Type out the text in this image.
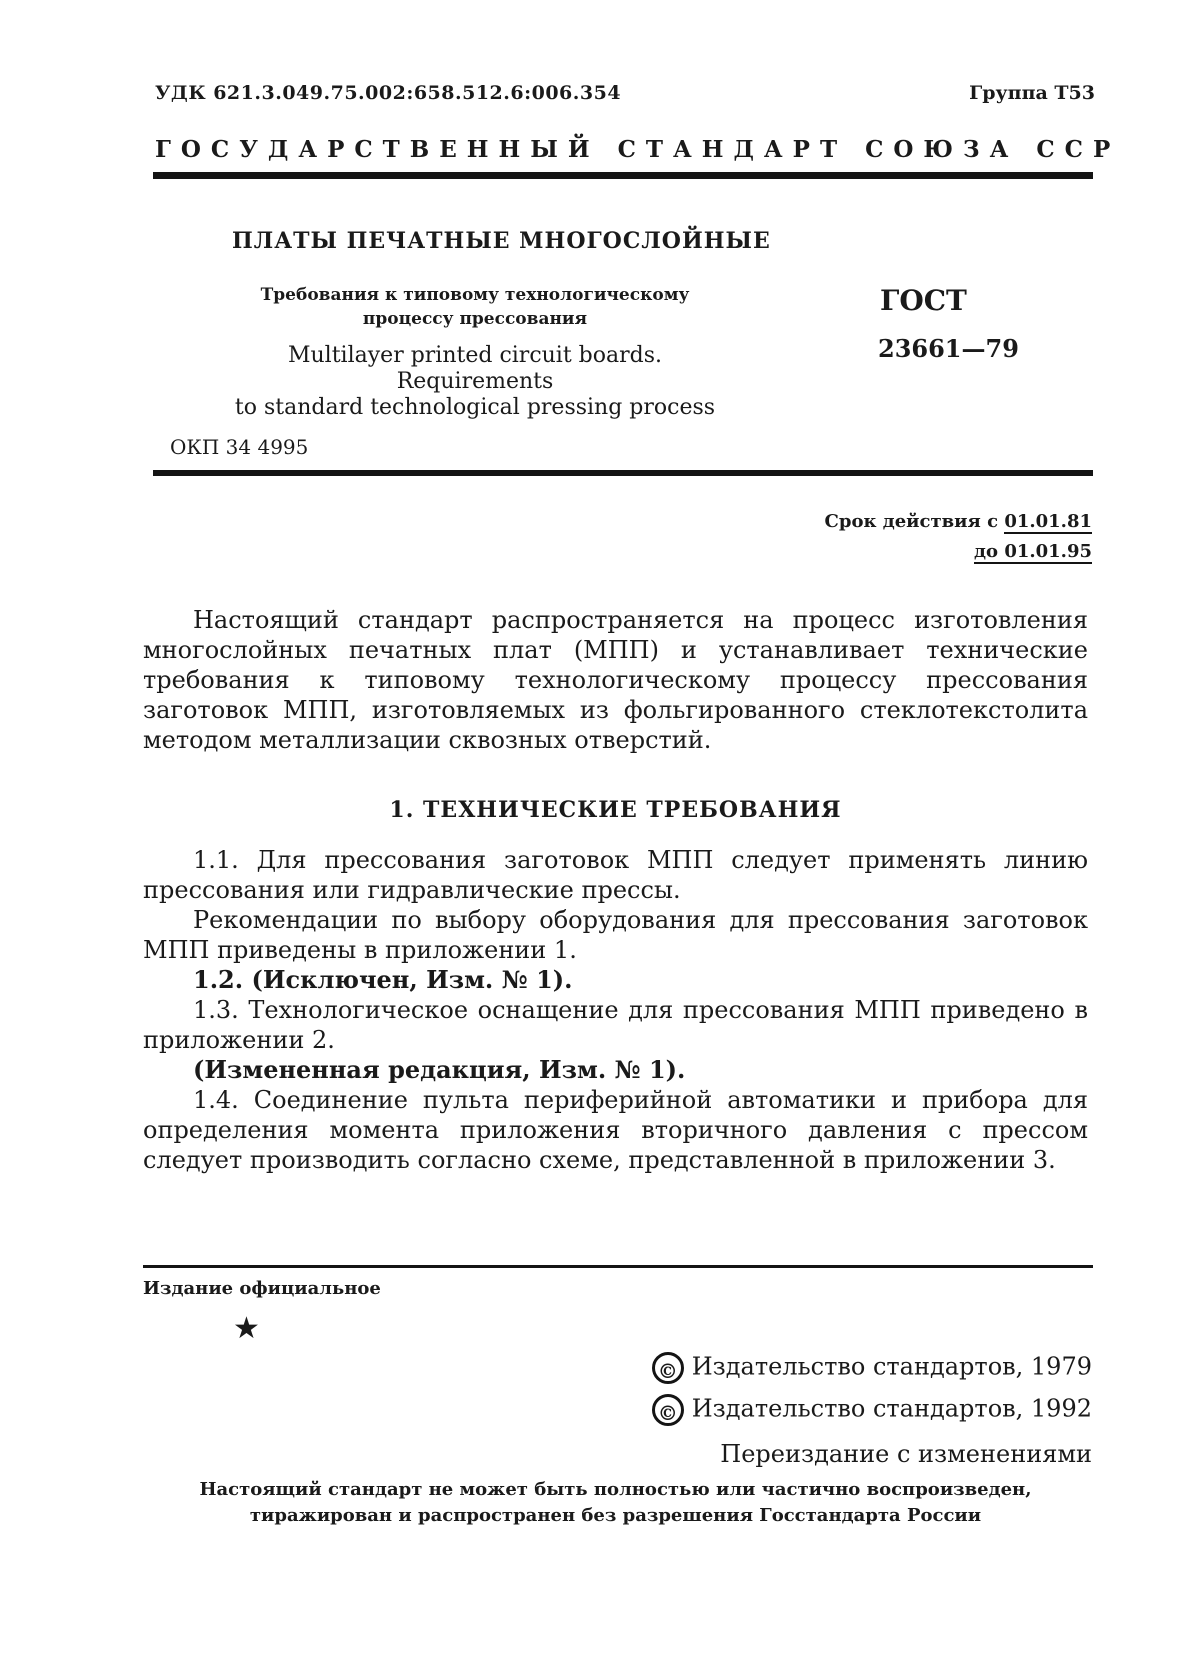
УДК 621.3.049.75.002:658.512.6:006.354	Группа Т53
ГОСУДАРСТВЕННЫЙ СТАНДАРТ СОЮЗА ССР
ПЛАТЫ ПЕЧАТНЫЕ МНОГОСЛОЙНЫЕ
Требования к типовому технологическому
процессу прессования
Multilayer printed circuit boards. Requirements
to standard technological pressing process
ГОСТ
23661—79
ОКП 34 4995
Срок действия с 01.01.81
до 01.01.95

Настоящий стандарт распространяется на процесс изготовления многослойных печатных плат (МПП) и устанавливает технические требования к типовому технологическому процессу прессования заготовок МПП, изготовляемых из фольгированного стеклотекстолита методом металлизации сквозных отверстий.

1. ТЕХНИЧЕСКИЕ ТРЕБОВАНИЯ

1.1. Для прессования заготовок МПП следует применять линию прессования или гидравлические прессы.

Рекомендации по выбору оборудования для прессования заготовок МПП приведены в приложении 1.

1.2. (Исключен, Изм. № 1).

1.3. Технологическое оснащение для прессования МПП приведено в приложении 2.

(Измененная редакция, Изм. № 1).

1.4. Соединение пульта периферийной автоматики и прибора для определения момента приложения вторичного давления с прессом следует производить согласно схеме, представленной в приложении 3.

Издание официальное
★
© Издательство стандартов, 1979
© Издательство стандартов, 1992
Переиздание с изменениями
Настоящий стандарт не может быть полностью или частично воспроизведен,
тиражирован и распространен без разрешения Госстандарта России
